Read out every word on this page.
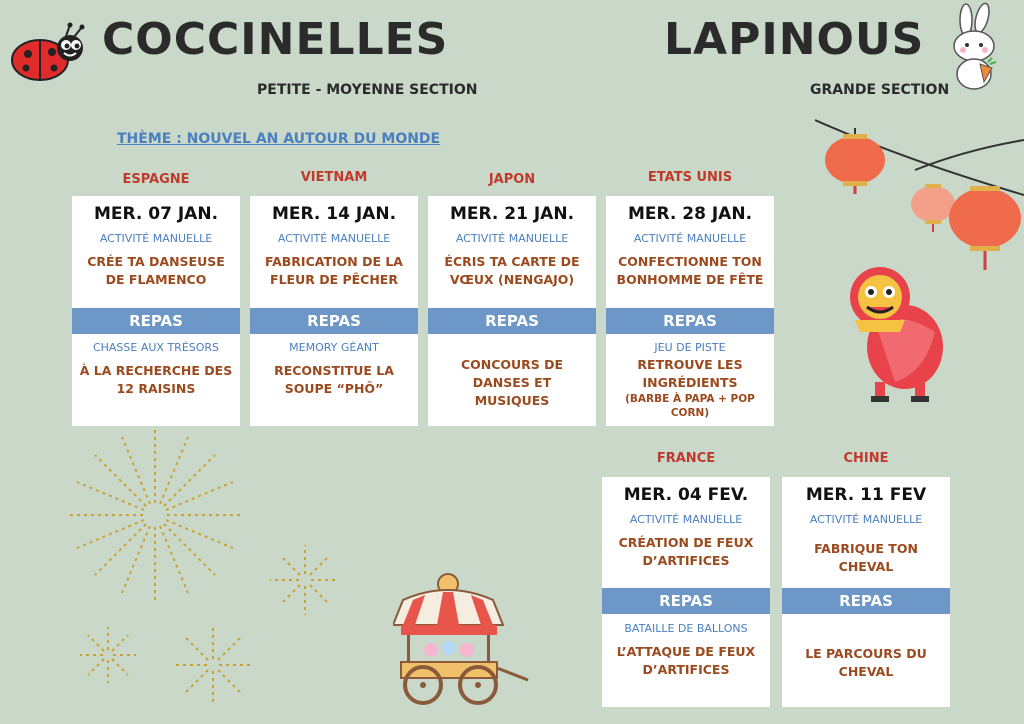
COCCINELLES
PETITE - MOYENNE SECTION
LAPINOUS
GRANDE SECTION
THÈME : NOUVEL AN AUTOUR DU MONDE
ESPAGNE	VIETNAM	JAPON	ETATS UNIS
FRANCE	CHINE
MER. 07 JAN.
ACTIVITÉ MANUELLE
CRÉE TA DANSEUSE DE FLAMENCO
REPAS
CHASSE AUX TRÉSORS
À LA RECHERCHE DES 12 RAISINS
MER. 14 JAN.
ACTIVITÉ MANUELLE
FABRICATION DE LA FLEUR DE PÊCHER
REPAS
MEMORY GÉANT
RECONSTITUE LA SOUPE “PHÔ”
MER. 21 JAN.
ACTIVITÉ MANUELLE
ÉCRIS TA CARTE DE VŒUX (NENGAJO)
REPAS
CONCOURS DE DANSES ET MUSIQUES
MER. 28 JAN.
ACTIVITÉ MANUELLE
CONFECTIONNE TON BONHOMME DE FÊTE
REPAS
JEU DE PISTE
RETROUVE LES INGRÉDIENTS
(BARBE À PAPA + POP CORN)
MER. 04 FEV.
ACTIVITÉ MANUELLE
CRÉATION DE FEUX D’ARTIFICES
REPAS
BATAILLE DE BALLONS
L’ATTAQUE DE FEUX D’ARTIFICES
MER. 11 FEV
ACTIVITÉ MANUELLE
FABRIQUE TON CHEVAL
REPAS
LE PARCOURS DU CHEVAL
